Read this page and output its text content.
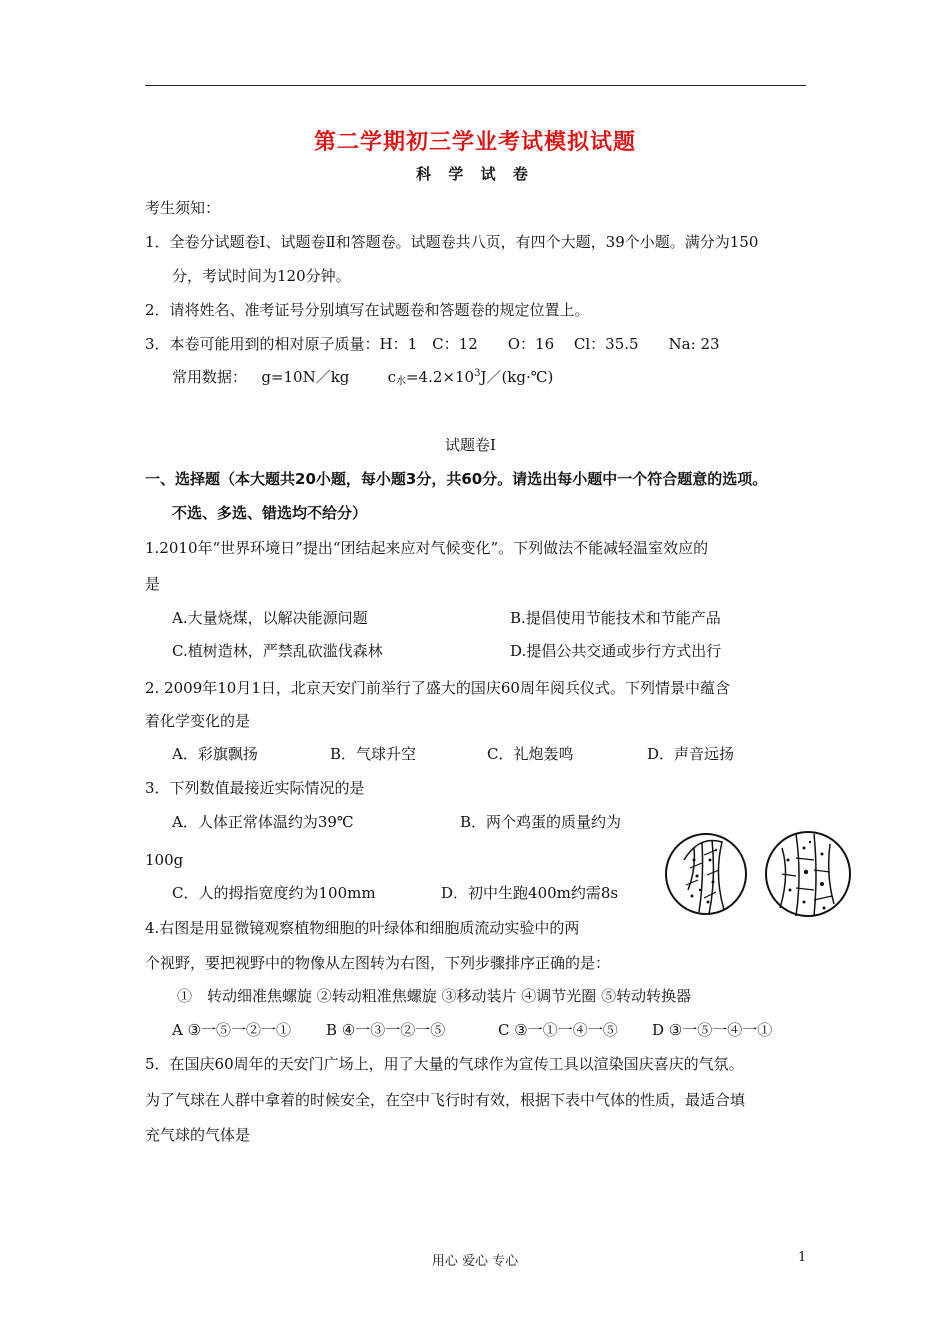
第二学期初三学业考试模拟试题
科 学 试 卷
考生须知：
1．全卷分试题卷Ⅰ、试题卷Ⅱ和答题卷。试题卷共八页，有四个大题，39个小题。满分为150
分，考试时间为120分钟。
2．请将姓名、准考证号分别填写在试题卷和答题卷的规定位置上。
3．本卷可能用到的相对原子质量：H：1　C：12　　O：16　 Cl：35.5　　Na: 23
常用数据： g=10N／kg	$c_水=4.2\times 10^3J/(kg\cdot℃)$
试题卷Ⅰ
一、选择题（本大题共20小题，每小题3分，共60分。请选出每小题中一个符合题意的选项。
不选、多选、错选均不给分）
1.2010年“世界环境日”提出“团结起来应对气候变化”。下列做法不能减轻温室效应的
是
A.大量烧煤，以解决能源问题	B.提倡使用节能技术和节能产品
C.植树造林，严禁乱砍滥伐森林	D.提倡公共交通或步行方式出行
2. 2009年10月1日，北京天安门前举行了盛大的国庆60周年阅兵仪式。下列情景中蕴含
着化学变化的是
A．彩旗飘扬	B．气球升空	C．礼炮轰鸣	D．声音远扬
3．下列数值最接近实际情况的是
A．人体正常体温约为39℃	B．两个鸡蛋的质量约为
100g
C．人的拇指宽度约为100mm	D．初中生跑400m约需8s
4.右图是用显微镜观察植物细胞的叶绿体和细胞质流动实验中的两
个视野，要把视野中的物像从左图转为右图，下列步骤排序正确的是：
①　转动细准焦螺旋 ②转动粗准焦螺旋 ③移动装片 ④调节光圈 ⑤转动转换器
A ③一⑤一②一① B ④一③一②一⑤	C ③一①一④一⑤ D ③一⑤一④一①
5．在国庆60周年的天安门广场上，用了大量的气球作为宣传工具以渲染国庆喜庆的气氛。
为了气球在人群中拿着的时候安全，在空中飞行时有效，根据下表中气体的性质，最适合填
充气球的气体是
用心 爱心 专心	1
